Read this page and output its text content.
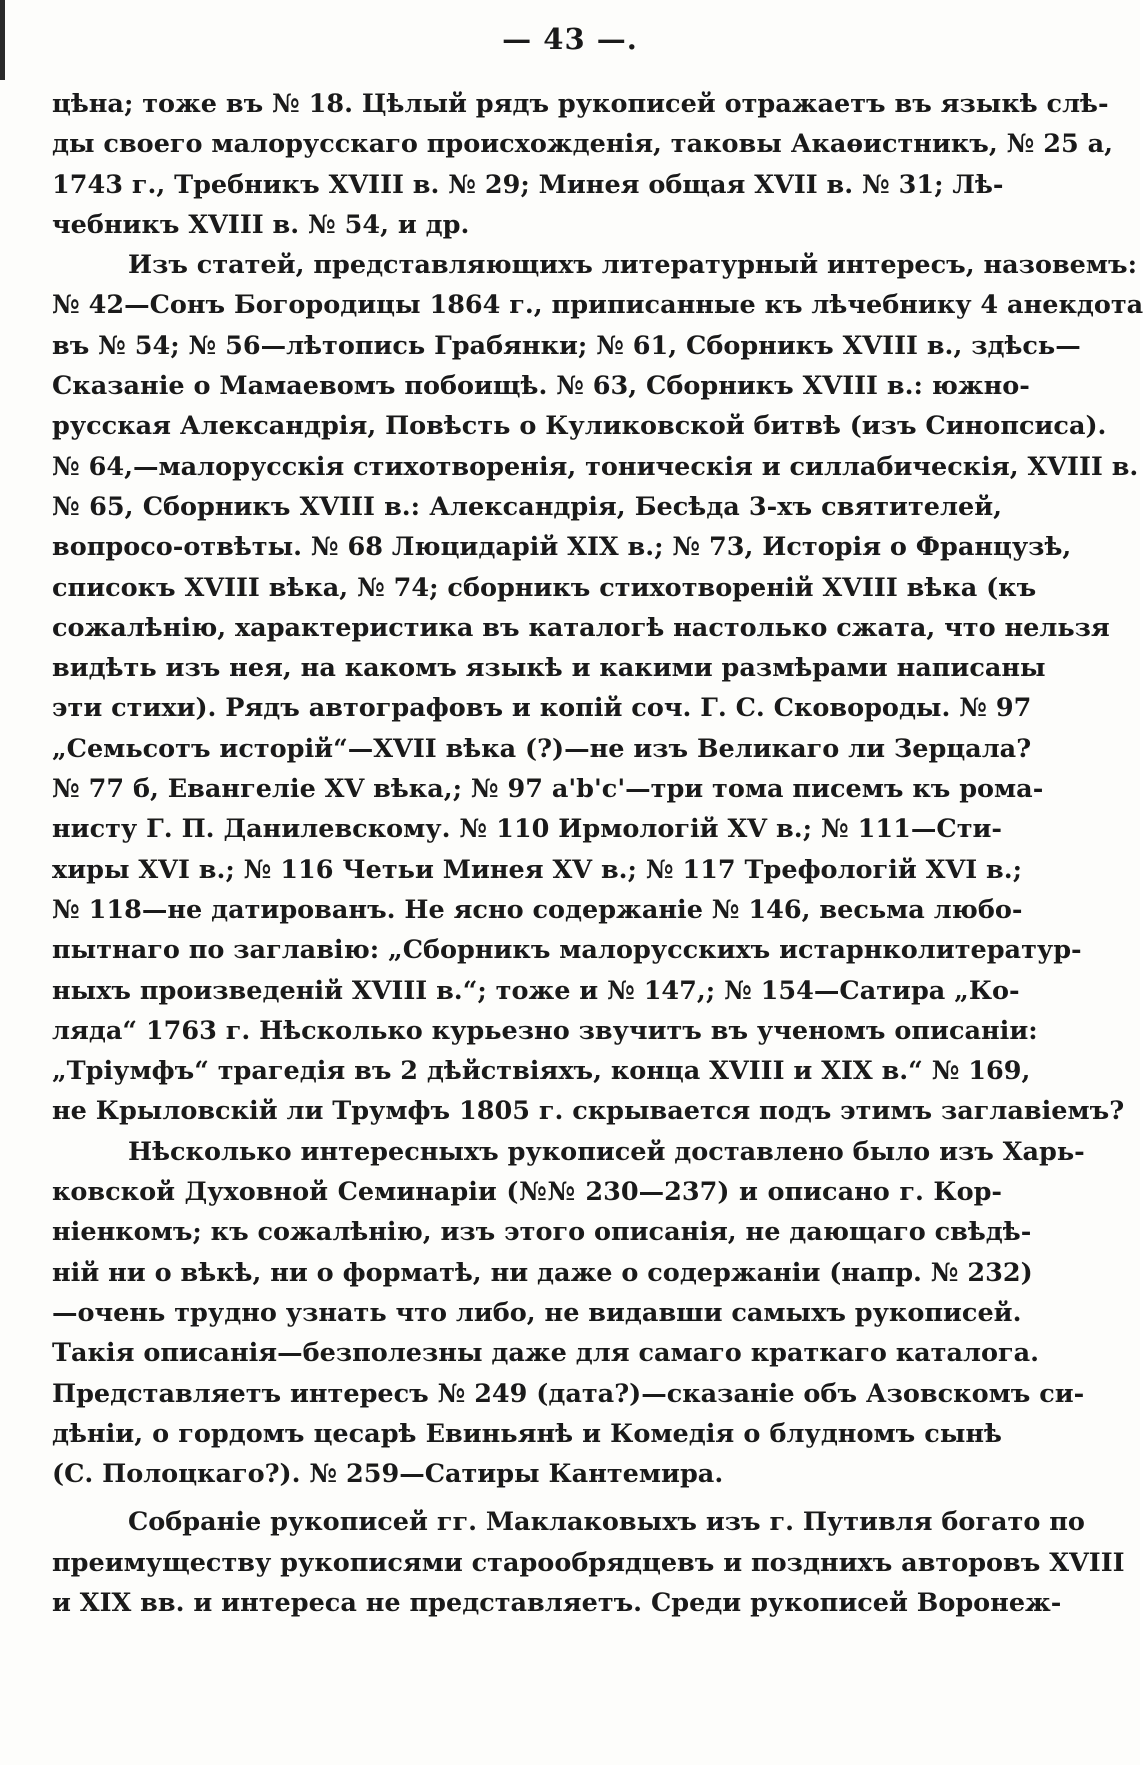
— 43 —.
цѣна; тоже въ № 18. Цѣлый рядъ рукописей отражаетъ въ языкѣ слѣ-
ды своего малорусскаго происхожденія, таковы Акаѳистникъ, № 25 а,
1743 г., Требникъ XVIII в. № 29; Минея общая XVII в. № 31; Лѣ-
чебникъ XVIII в. № 54, и др.
Изъ статей, представляющихъ литературный интересъ, назовемъ:
№ 42—Сонъ Богородицы 1864 г., приписанные къ лѣчебнику 4 анекдота
въ № 54; № 56—лѣтопись Грабянки; № 61, Сборникъ XVIII в., здѣсь—
Сказаніе о Мамаевомъ побоищѣ. № 63, Сборникъ XVIII в.: южно-
русская Александрія, Повѣсть о Куликовской битвѣ (изъ Синопсиса).
№ 64,—малорусскія стихотворенія, тоническія и силлабическія, XVIII в.
№ 65, Сборникъ XVIII в.: Александрія, Бесѣда 3-хъ святителей,
вопросо-отвѣты. № 68 Люцидарій XIX в.; № 73, Исторія о Французѣ,
списокъ XVIII вѣка, № 74; сборникъ стихотвореній XVIII вѣка (къ
сожалѣнію, характеристика въ каталогѣ настолько сжата, что нельзя
видѣть изъ нея, на какомъ языкѣ и какими размѣрами написаны
эти стихи). Рядъ автографовъ и копій соч. Г. С. Сковороды. № 97
„Семьсотъ исторій“—XVII вѣка (?)—не изъ Великаго ли Зерцала?
№ 77 б, Евангеліе XV вѣка,; № 97 а'b'с'—три тома писемъ къ рома-
нисту Г. П. Данилевскому. № 110 Ирмологій XV в.; № 111—Сти-
хиры XVI в.; № 116 Четьи Минея XV в.; № 117 Трефологій XVI в.;
№ 118—не датированъ. Не ясно содержаніе № 146, весьма любо-
пытнаго по заглавію: „Сборникъ малорусскихъ истарнколитератур-
ныхъ произведеній XVIII в.“; тоже и № 147,; № 154—Сатира „Ко-
ляда“ 1763 г. Нѣсколько курьезно звучитъ въ ученомъ описаніи:
„Тріумфъ“ трагедія въ 2 дѣйствіяхъ, конца XVIII и XIX в.“ № 169,
не Крыловскій ли Трумфъ 1805 г. скрывается подъ этимъ заглавіемъ?
Нѣсколько интересныхъ рукописей доставлено было изъ Харь-
ковской Духовной Семинаріи (№№ 230—237) и описано г. Кор-
ніенкомъ; къ сожалѣнію, изъ этого описанія, не дающаго свѣдѣ-
ній ни о вѣкѣ, ни о форматѣ, ни даже о содержаніи (напр. № 232)
—очень трудно узнать что либо, не видавши самыхъ рукописей.
Такія описанія—безполезны даже для самаго краткаго каталога.
Представляетъ интересъ № 249 (дата?)—сказаніе объ Азовскомъ си-
дѣніи, о гордомъ цесарѣ Евиньянѣ и Комедія о блудномъ сынѣ
(С. Полоцкаго?). № 259—Сатиры Кантемира.
Собраніе рукописей гг. Маклаковыхъ изъ г. Путивля богато по
преимуществу рукописями старообрядцевъ и позднихъ авторовъ XVIII
и XIX вв. и интереса не представляетъ. Среди рукописей Воронеж-
